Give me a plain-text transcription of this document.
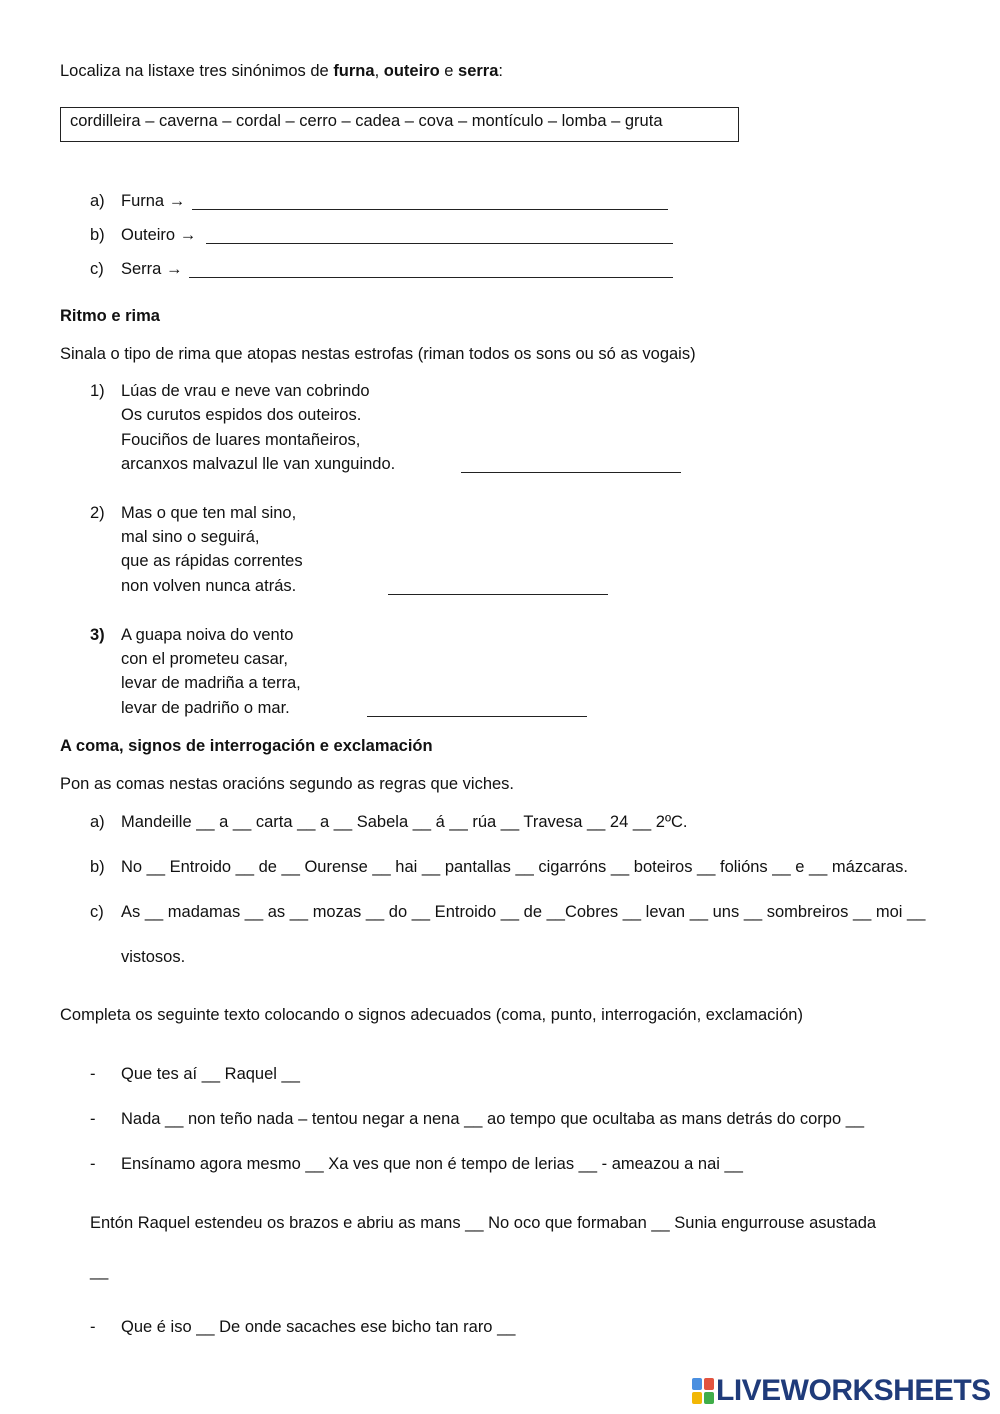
Localiza na listaxe tres sinónimos de furna, outeiro e serra:
cordilleira – caverna – cordal – cerro – cadea – cova – montículo – lomba – gruta
a) Furna →
b) Outeiro →
c) Serra →
Ritmo e rima
Sinala o tipo de rima que atopas nestas estrofas (riman todos os sons ou só as vogais)
1) Lúas de vrau e neve van cobrindo
Os curutos espidos dos outeiros.
Fouciños de luares montañeiros,
arcanxos malvazul lle van xunguindo.
2) Mas o que ten mal sino,
mal sino o seguirá,
que as rápidas correntes
non volven nunca atrás.
3) A guapa noiva do vento
con el prometeu casar,
levar de madriña a terra,
levar de padriño o mar.
A coma, signos de interrogación e exclamación
Pon as comas nestas oracións segundo as regras que viches.
a) Mandeille __ a __ carta __ a __ Sabela __ á __ rúa __ Travesa __ 24 __ 2ºC.
b) No __ Entroido __ de __ Ourense __ hai __ pantallas __ cigarróns __ boteiros __ folións __ e __ mázcaras.
c) As __ madamas __ as __ mozas __ do __ Entroido __ de __Cobres __ levan __ uns __ sombreiros __ moi __
vistosos.
Completa os seguinte texto colocando o signos adecuados (coma, punto, interrogación, exclamación)
- Que tes aí __ Raquel __
- Nada __ non teño nada – tentou negar a nena __ ao tempo que ocultaba as mans detrás do corpo __
- Ensínamo agora mesmo __ Xa ves que non é tempo de lerias __ - ameazou a nai __
Entón Raquel estendeu os brazos e abriu as mans __ No oco que formaban __ Sunia engurrouse asustada
__
- Que é iso __ De onde sacaches ese bicho tan raro __
LIVEWORKSHEETS
